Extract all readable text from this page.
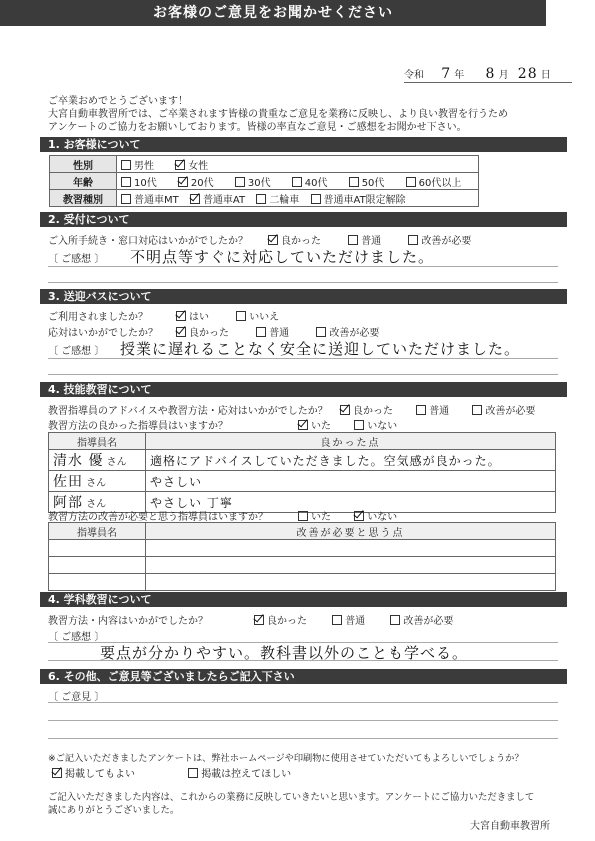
お客様のご意見をお聞かせください
令和 7 年 8 月 28 日
ご卒業おめでとうございます！
大宮自動車教習所では、ご卒業されます皆様の貴重なご意見を業務に反映し、より良い教習を行うため
アンケートのご協力をお願いしております。皆様の率直なご意見・ご感想をお聞かせ下さい。
1. お客様について
性別	男性 女性
年齢	10代 20代 30代 40代 50代 60代以上
教習種別	普通車MT 普通車AT 二輪車 普通車AT限定解除
2. 受付について
ご入所手続き・窓口対応はいかがでしたか？	良かった	普通	改善が必要
〔 ご感想 〕 不明点等すぐに対応していただけました。
3. 送迎バスについて
ご利用されましたか？	はい	いいえ
応対はいかがでしたか？	良かった	普通	改善が必要
〔 ご感想 〕 授業に遅れることなく安全に送迎していただけました。
4. 技能教習について
教習指導員のアドバイスや教習方法・応対はいかがでしたか？	良かった	普通	改善が必要
教習方法の良かった指導員はいますか？	いた	いない
指導員名	良かった点
清水 優 さん	適格にアドバイスしていただきました。空気感が良かった。
佐田 さん	やさしい
阿部 さん	やさしい 丁寧
教習方法の改善が必要と思う指導員はいますか？	いた	いない
指導員名	改善が必要と思う点

4. 学科教習について
教習方法・内容はいかがでしたか？	良かった	普通	改善が必要
〔 ご感想 〕
要点が分かりやすい。教科書以外のことも学べる。
6. その他、ご意見等ございましたらご記入下さい
〔 ご意見 〕
※ご記入いただきましたアンケートは、弊社ホームページや印刷物に使用させていただいてもよろしいでしょうか？
掲載してもよい	掲載は控えてほしい
ご記入いただきました内容は、これからの業務に反映していきたいと思います。アンケートにご協力いただきまして
誠にありがとうございました。
大宮自動車教習所
